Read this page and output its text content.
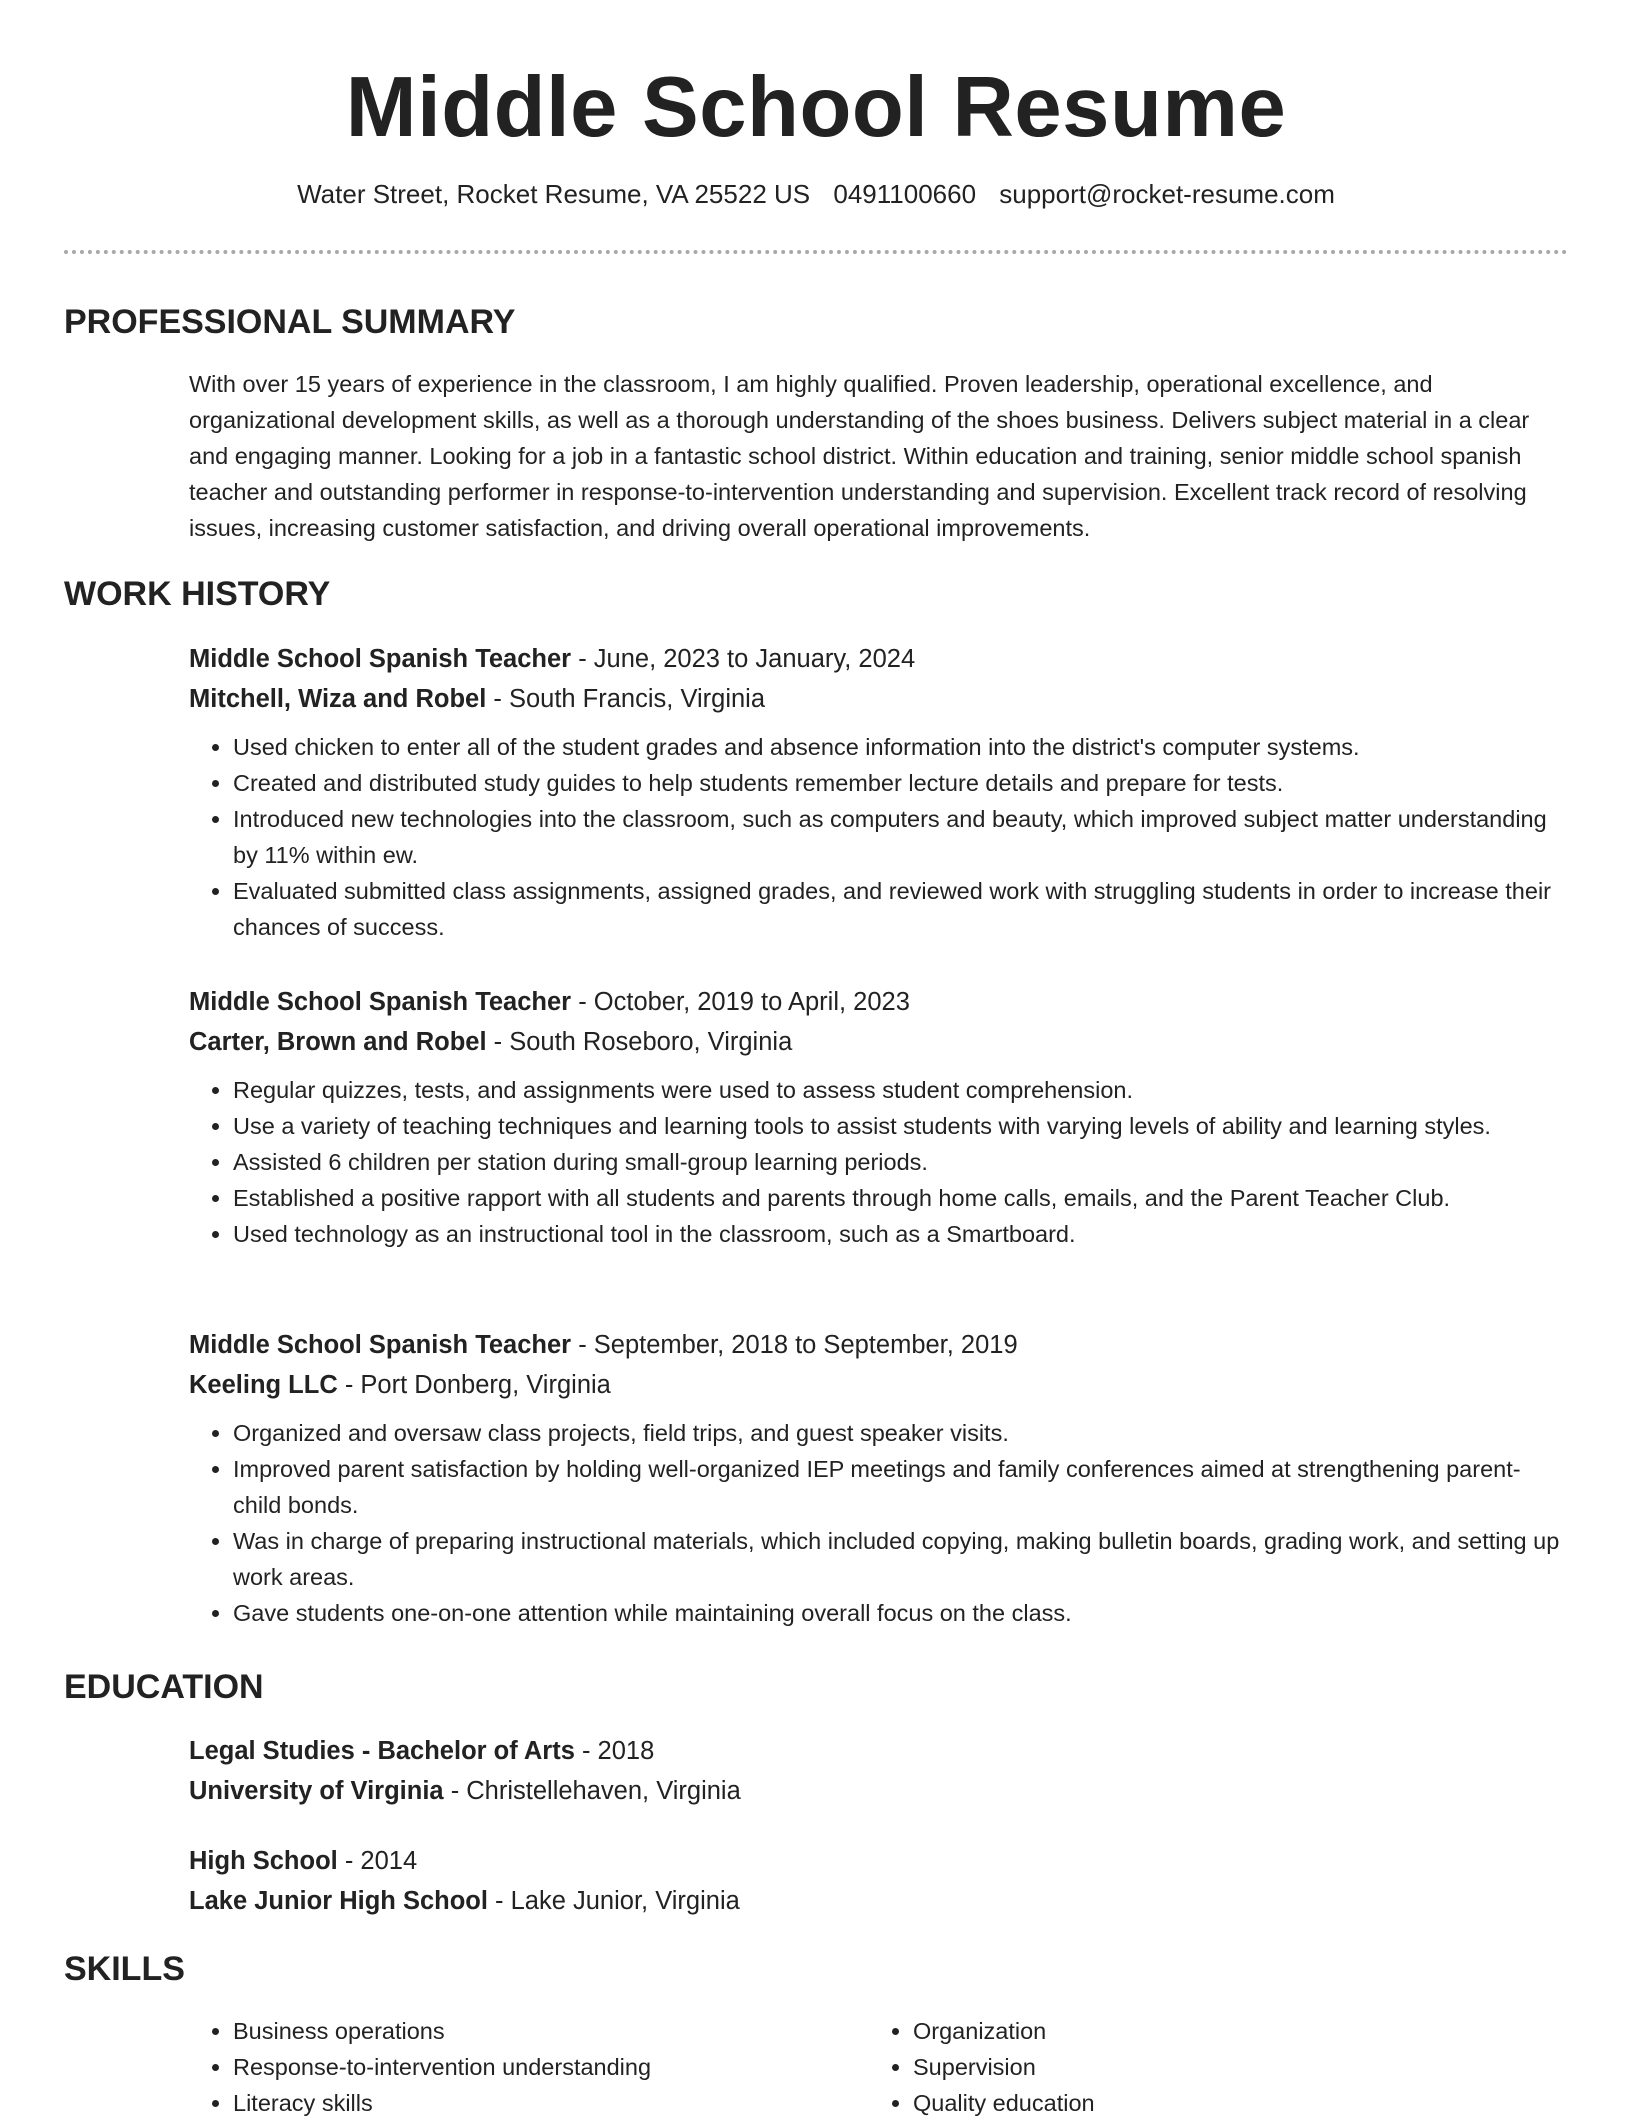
Middle School Resume
Water Street, Rocket Resume, VA 25522 US 0491100660 support@rocket-resume.com
PROFESSIONAL SUMMARY

With over 15 years of experience in the classroom, I am highly qualified. Proven leadership, operational excellence, and organizational development skills, as well as a thorough understanding of the shoes business. Delivers subject material in a clear and engaging manner. Looking for a job in a fantastic school district. Within education and training, senior middle school spanish teacher and outstanding performer in response-to-intervention understanding and supervision. Excellent track record of resolving issues, increasing customer satisfaction, and driving overall operational improvements.

WORK HISTORY

Middle School Spanish Teacher - June, 2023 to January, 2024

Mitchell, Wiza and Robel - South Francis, Virginia

• Used chicken to enter all of the student grades and absence information into the district's computer systems.
• Created and distributed study guides to help students remember lecture details and prepare for tests.
• Introduced new technologies into the classroom, such as computers and beauty, which improved subject matter understanding by 11% within ew.
• Evaluated submitted class assignments, assigned grades, and reviewed work with struggling students in order to increase their chances of success.

Middle School Spanish Teacher - October, 2019 to April, 2023

Carter, Brown and Robel - South Roseboro, Virginia

• Regular quizzes, tests, and assignments were used to assess student comprehension.
• Use a variety of teaching techniques and learning tools to assist students with varying levels of ability and learning styles.
• Assisted 6 children per station during small-group learning periods.
• Established a positive rapport with all students and parents through home calls, emails, and the Parent Teacher Club.
• Used technology as an instructional tool in the classroom, such as a Smartboard.

Middle School Spanish Teacher - September, 2018 to September, 2019

Keeling LLC - Port Donberg, Virginia

• Organized and oversaw class projects, field trips, and guest speaker visits.
• Improved parent satisfaction by holding well-organized IEP meetings and family conferences aimed at strengthening parent-child bonds.
• Was in charge of preparing instructional materials, which included copying, making bulletin boards, grading work, and setting up work areas.
• Gave students one-on-one attention while maintaining overall focus on the class.
EDUCATION

Legal Studies - Bachelor of Arts - 2018

University of Virginia - Christellehaven, Virginia

High School - 2014

Lake Junior High School - Lake Junior, Virginia

SKILLS
• Business operations
• Response-to-intervention understanding
• Literacy skills
• Organization
• Supervision
• Quality education
